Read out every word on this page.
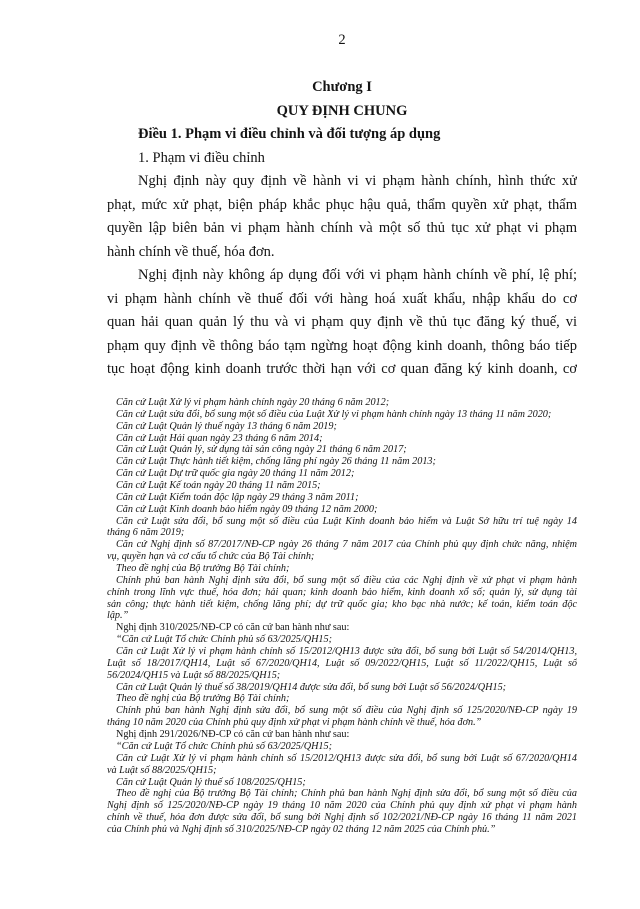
2
Chương I
QUY ĐỊNH CHUNG
Điều 1. Phạm vi điều chỉnh và đối tượng áp dụng
1. Phạm vi điều chỉnh
Nghị định này quy định về hành vi vi phạm hành chính, hình thức xử
phạt, mức xử phạt, biện pháp khắc phục hậu quả, thẩm quyền xử phạt, thẩm
quyền lập biên bản vi phạm hành chính và một số thủ tục xử phạt vi phạm
hành chính về thuế, hóa đơn.
Nghị định này không áp dụng đối với vi phạm hành chính về phí, lệ phí;
vi phạm hành chính về thuế đối với hàng hoá xuất khẩu, nhập khẩu do cơ
quan hải quan quản lý thu và vi phạm quy định về thủ tục đăng ký thuế, vi
phạm quy định về thông báo tạm ngừng hoạt động kinh doanh, thông báo tiếp
tục hoạt động kinh doanh trước thời hạn với cơ quan đăng ký kinh doanh, cơ
Căn cứ Luật Xử lý vi phạm hành chính ngày 20 tháng 6 năm 2012;
Căn cứ Luật sửa đổi, bổ sung một số điều của Luật Xử lý vi phạm hành chính ngày 13 tháng 11 năm 2020;
Căn cứ Luật Quản lý thuế ngày 13 tháng 6 năm 2019;
Căn cứ Luật Hải quan ngày 23 tháng 6 năm 2014;
Căn cứ Luật Quản lý, sử dụng tài sản công ngày 21 tháng 6 năm 2017;
Căn cứ Luật Thực hành tiết kiệm, chống lãng phí ngày 26 tháng 11 năm 2013;
Căn cứ Luật Dự trữ quốc gia ngày 20 tháng 11 năm 2012;
Căn cứ Luật Kế toán ngày 20 tháng 11 năm 2015;
Căn cứ Luật Kiểm toán độc lập ngày 29 tháng 3 năm 2011;
Căn cứ Luật Kinh doanh bảo hiểm ngày 09 tháng 12 năm 2000;
Căn cứ Luật sửa đổi, bổ sung một số điều của Luật Kinh doanh bảo hiểm và Luật Sở hữu trí tuệ ngày 14
tháng 6 năm 2019;
Căn cứ Nghị định số 87/2017/NĐ-CP ngày 26 tháng 7 năm 2017 của Chính phủ quy định chức năng, nhiệm
vụ, quyền hạn và cơ cấu tổ chức của Bộ Tài chính;
Theo đề nghị của Bộ trưởng Bộ Tài chính;
Chính phủ ban hành Nghị định sửa đổi, bổ sung một số điều của các Nghị định về xử phạt vi phạm hành
chính trong lĩnh vực thuế, hóa đơn; hải quan; kinh doanh bảo hiểm, kinh doanh xổ số; quản lý, sử dụng tài
sản công; thực hành tiết kiệm, chống lãng phí; dự trữ quốc gia; kho bạc nhà nước; kế toán, kiểm toán độc
lập.”
Nghị định 310/2025/NĐ-CP có căn cứ ban hành như sau:
“Căn cứ Luật Tổ chức Chính phủ số 63/2025/QH15;
Căn cứ Luật Xử lý vi phạm hành chính số 15/2012/QH13 được sửa đổi, bổ sung bởi Luật số 54/2014/QH13,
Luật số 18/2017/QH14, Luật số 67/2020/QH14, Luật số 09/2022/QH15, Luật số 11/2022/QH15, Luật số
56/2024/QH15 và Luật số 88/2025/QH15;
Căn cứ Luật Quản lý thuế số 38/2019/QH14 được sửa đổi, bổ sung bởi Luật số 56/2024/QH15;
Theo đề nghị của Bộ trưởng Bộ Tài chính;
Chính phủ ban hành Nghị định sửa đổi, bổ sung một số điều của Nghị định số 125/2020/NĐ-CP ngày 19
tháng 10 năm 2020 của Chính phủ quy định xử phạt vi phạm hành chính về thuế, hóa đơn.”
Nghị định 291/2026/NĐ-CP có căn cứ ban hành như sau:
“Căn cứ Luật Tổ chức Chính phủ số 63/2025/QH15;
Căn cứ Luật Xử lý vi phạm hành chính số 15/2012/QH13 được sửa đổi, bổ sung bởi Luật số 67/2020/QH14
và Luật số 88/2025/QH15;
Căn cứ Luật Quản lý thuế số 108/2025/QH15;
Theo đề nghị của Bộ trưởng Bộ Tài chính; Chính phủ ban hành Nghị định sửa đổi, bổ sung một số điều của
Nghị định số 125/2020/NĐ-CP ngày 19 tháng 10 năm 2020 của Chính phủ quy định xử phạt vi phạm hành
chính về thuế, hóa đơn được sửa đổi, bổ sung bởi Nghị định số 102/2021/NĐ-CP ngày 16 tháng 11 năm 2021
của Chính phủ và Nghị định số 310/2025/NĐ-CP ngày 02 tháng 12 năm 2025 của Chính phủ.”
